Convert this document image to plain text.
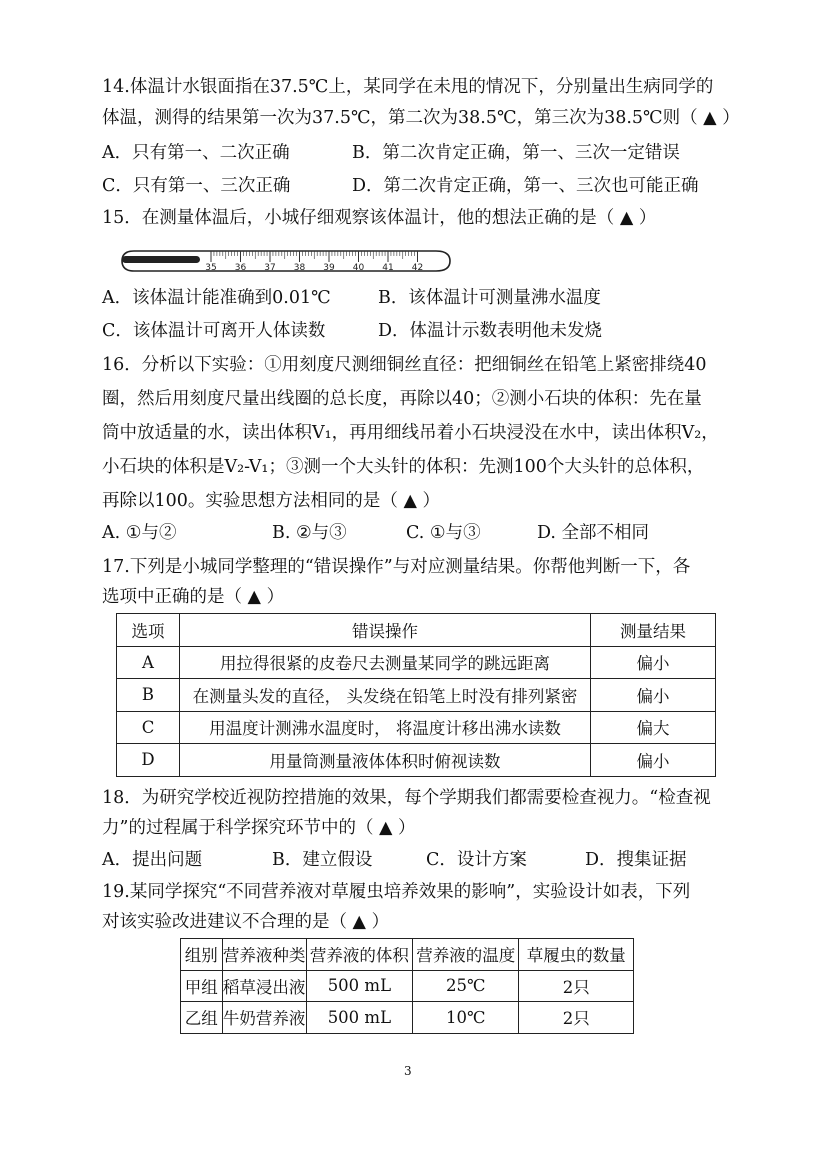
14.体温计水银面指在37.5℃上，某同学在未甩的情况下，分别量出生病同学的
体温，测得的结果第一次为37.5℃，第二次为38.5℃，第三次为38.5℃则（ ▲ ）
A．只有第一、二次正确	B．第二次肯定正确，第一、三次一定错误
C．只有第一、三次正确	D．第二次肯定正确，第一、三次也可能正确
15．在测量体温后，小城仔细观察该体温计，他的想法正确的是（ ▲ ）
35 36 37 38 39 40 41 42
A．该体温计能准确到0.01℃	B．该体温计可测量沸水温度
C．该体温计可离开人体读数	D．体温计示数表明他未发烧
16．分析以下实验：①用刻度尺测细铜丝直径：把细铜丝在铅笔上紧密排绕40
圈，然后用刻度尺量出线圈的总长度，再除以40；②测小石块的体积：先在量
筒中放适量的水，读出体积V₁，再用细线吊着小石块浸没在水中，读出体积V₂，
小石块的体积是V₂-V₁；③测一个大头针的体积：先测100个大头针的总体积，
再除以100。实验思想方法相同的是（ ▲ ）
A. ①与②	B. ②与③	C. ①与③	D. 全部不相同
17.下列是小城同学整理的“错误操作”与对应测量结果。你帮他判断一下，各
选项中正确的是（ ▲ ）
选项	错误操作	测量结果
A	用拉得很紧的皮卷尺去测量某同学的跳远距离	偏小
B	在测量头发的直径， 头发绕在铅笔上时没有排列紧密	偏小
C	用温度计测沸水温度时， 将温度计移出沸水读数	偏大
D	用量筒测量液体体积时俯视读数	偏小
18．为研究学校近视防控措施的效果，每个学期我们都需要检查视力。“检查视
力”的过程属于科学探究环节中的（ ▲ ）
A．提出问题	B．建立假设	C．设计方案	D．搜集证据
19.某同学探究“不同营养液对草履虫培养效果的影响”，实验设计如表，下列
对该实验改进建议不合理的是（ ▲ ）
组别	营养液种类	营养液的体积	营养液的温度	草履虫的数量
甲组	稻草浸出液	500 mL	25℃	2只
乙组	牛奶营养液	500 mL	10℃	2只
3
